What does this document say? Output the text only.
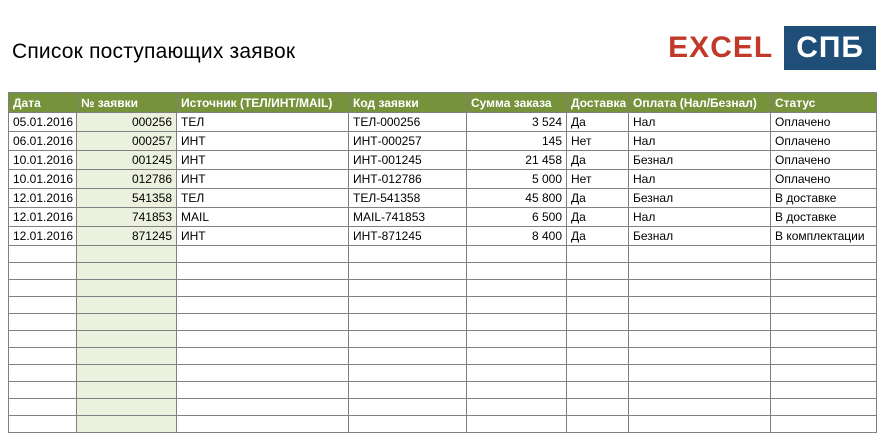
Список поступающих заявок	EXCEL СПБ
Дата	№ заявки	Источник (ТЕЛ/ИНТ/MAIL)	Код заявки	Сумма заказа	Доставка	Оплата (Нал/Безнал)	Статус
05.01.2016	000256	ТЕЛ	ТЕЛ-000256	3 524	Да	Нал	Оплачено
06.01.2016	000257	ИНТ	ИНТ-000257	145	Нет	Нал	Оплачено
10.01.2016	001245	ИНТ	ИНТ-001245	21 458	Да	Безнал	Оплачено
10.01.2016	012786	ИНТ	ИНТ-012786	5 000	Нет	Нал	Оплачено
12.01.2016	541358	ТЕЛ	ТЕЛ-541358	45 800	Да	Безнал	В доставке
12.01.2016	741853	MAIL	MAIL-741853	6 500	Да	Нал	В доставке
12.01.2016	871245	ИНТ	ИНТ-871245	8 400	Да	Безнал	В комплектации
